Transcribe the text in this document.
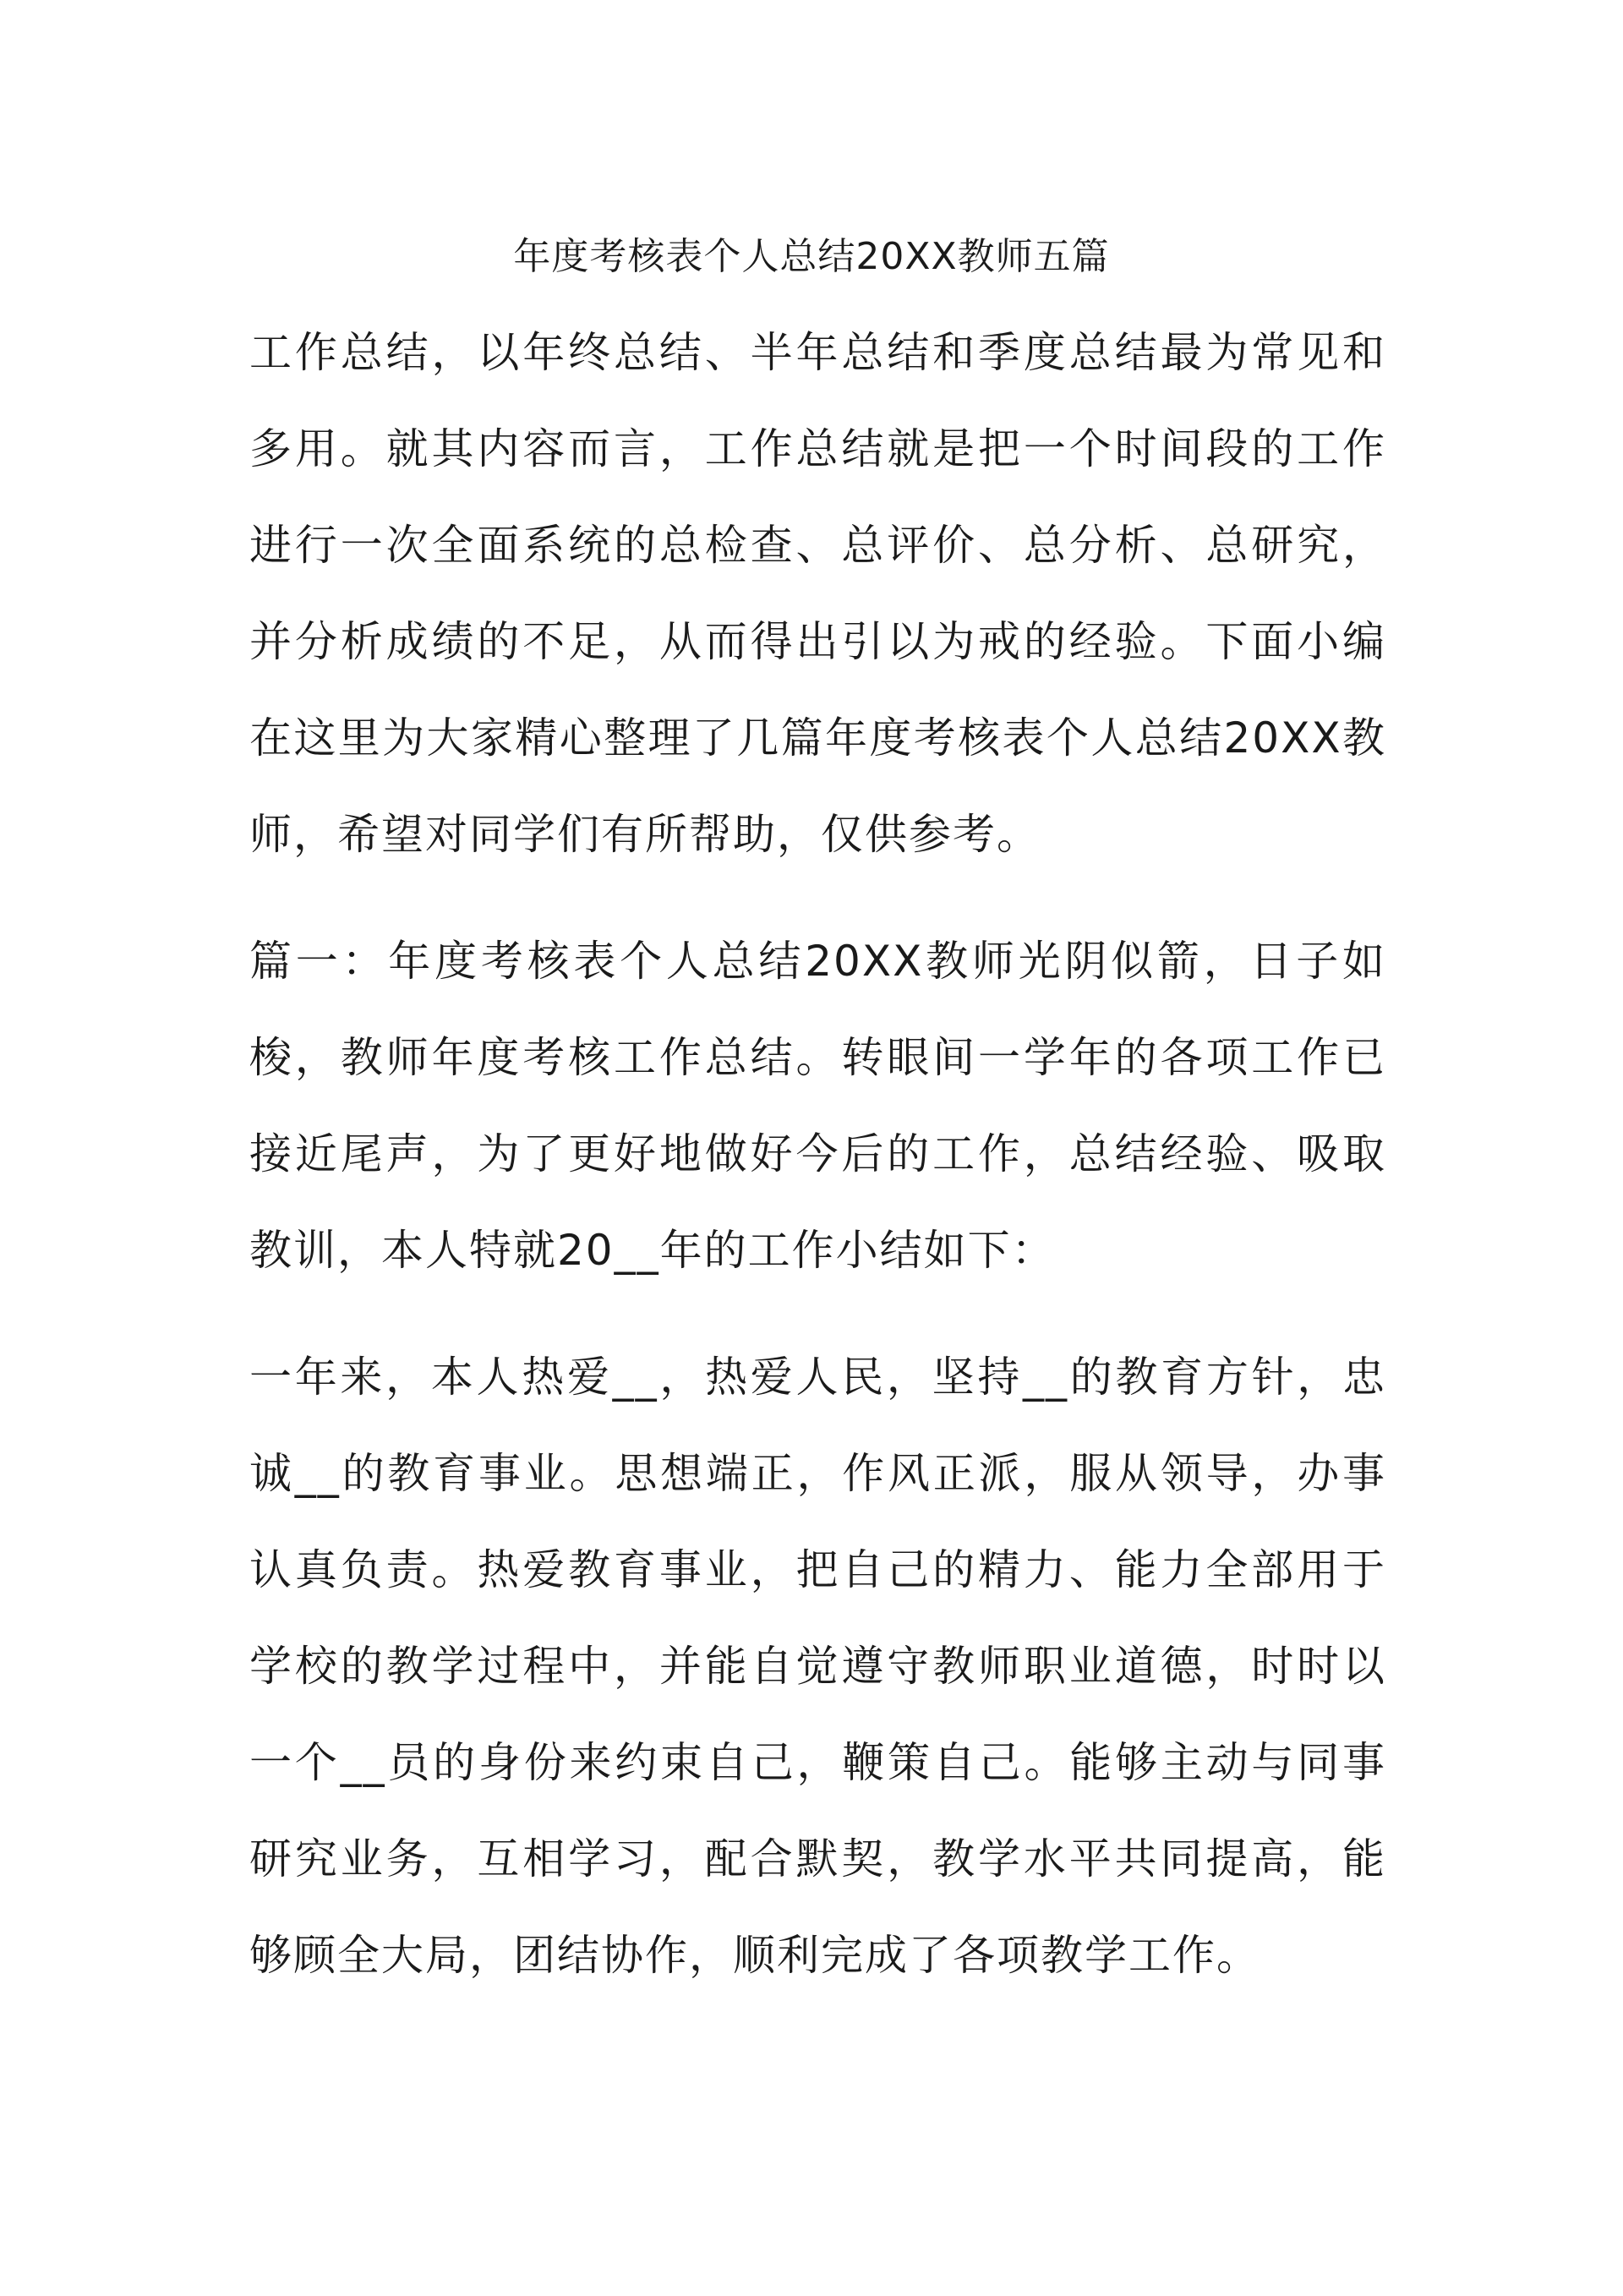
年度考核表个人总结20XX教师五篇

工作总结，以年终总结、半年总结和季度总结最为常见和多用。就其内容而言，工作总结就是把一个时间段的工作进行一次全面系统的总检查、总评价、总分析、总研究，并分析成绩的不足，从而得出引以为戒的经验。下面小编在这里为大家精心整理了几篇年度考核表个人总结20XX教师，希望对同学们有所帮助，仅供参考。

篇一：年度考核表个人总结20XX教师光阴似箭，日子如梭，教师年度考核工作总结。转眼间一学年的各项工作已接近尾声，为了更好地做好今后的工作，总结经验、吸取教训，本人特就20__年的工作小结如下：

一年来，本人热爱__，热爱人民，坚持__的教育方针，忠诚__的教育事业。思想端正，作风正派，服从领导，办事认真负责。热爱教育事业，把自己的精力、能力全部用于学校的教学过程中，并能自觉遵守教师职业道德，时时以一个__员的身份来约束自己，鞭策自己。能够主动与同事研究业务，互相学习，配合默契，教学水平共同提高，能够顾全大局，团结协作，顺利完成了各项教学工作。
